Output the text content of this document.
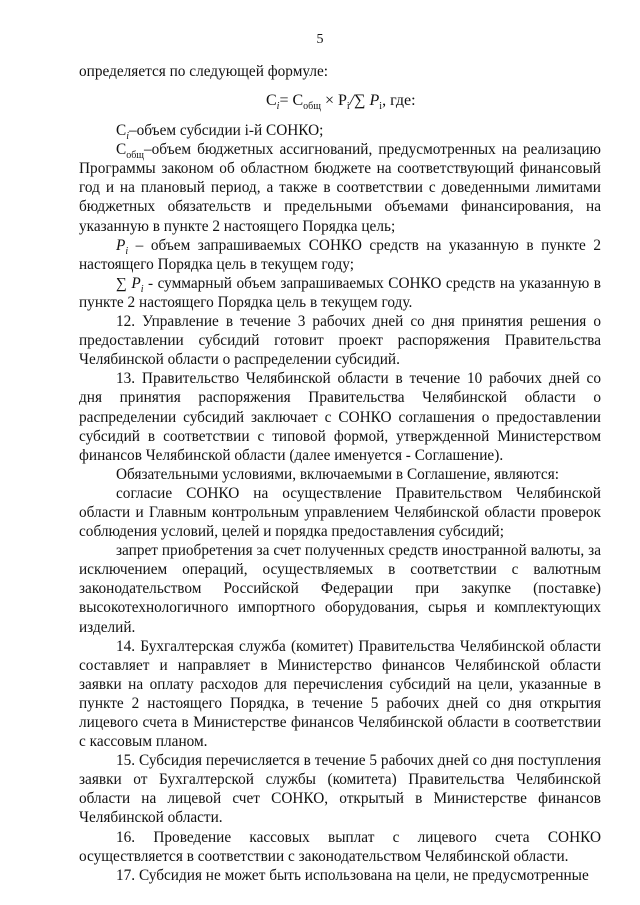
5

определяется по следующей формуле:

$C_i= C_{общ} \times P_i/\sum$ $P_i$, где:

$C_i$–объем субсидии i-й СОНКО;

$C_{общ}$–объем бюджетных ассигнований, предусмотренных на реализацию Программы законом об областном бюджете на соответствующий финансовый год и на плановый период, а также в соответствии с доведенными лимитами бюджетных обязательств и предельными объемами финансирования, на указанную в пункте 2 настоящего Порядка цель;

$P_i$ – объем запрашиваемых СОНКО средств на указанную в пункте 2 настоящего Порядка цель в текущем году;

∑ $P_i$ - суммарный объем запрашиваемых СОНКО средств на указанную в пункте 2 настоящего Порядка цель в текущем году.

12. Управление в течение 3 рабочих дней со дня принятия решения о предоставлении субсидий готовит проект распоряжения Правительства Челябинской области о распределении субсидий.

13. Правительство Челябинской области в течение 10 рабочих дней со дня принятия распоряжения Правительства Челябинской области о распределении субсидий заключает с СОНКО соглашения о предоставлении субсидий в соответствии с типовой формой, утвержденной Министерством финансов Челябинской области (далее именуется - Соглашение).

Обязательными условиями, включаемыми в Соглашение, являются:

согласие СОНКО на осуществление Правительством Челябинской области и Главным контрольным управлением Челябинской области проверок соблюдения условий, целей и порядка предоставления субсидий;

запрет приобретения за счет полученных средств иностранной валюты, за исключением операций, осуществляемых в соответствии с валютным законодательством Российской Федерации при закупке (поставке) высокотехнологичного импортного оборудования, сырья и комплектующих изделий.

14. Бухгалтерская служба (комитет) Правительства Челябинской области составляет и направляет в Министерство финансов Челябинской области заявки на оплату расходов для перечисления субсидий на цели, указанные в пункте 2 настоящего Порядка, в течение 5 рабочих дней со дня открытия лицевого счета в Министерстве финансов Челябинской области в соответствии с кассовым планом.

15. Субсидия перечисляется в течение 5 рабочих дней со дня поступления заявки от Бухгалтерской службы (комитета) Правительства Челябинской области на лицевой счет СОНКО, открытый в Министерстве финансов Челябинской области.

16. Проведение кассовых выплат с лицевого счета СОНКО осуществляется в соответствии с законодательством Челябинской области.

17. Субсидия не может быть использована на цели, не предусмотренные
